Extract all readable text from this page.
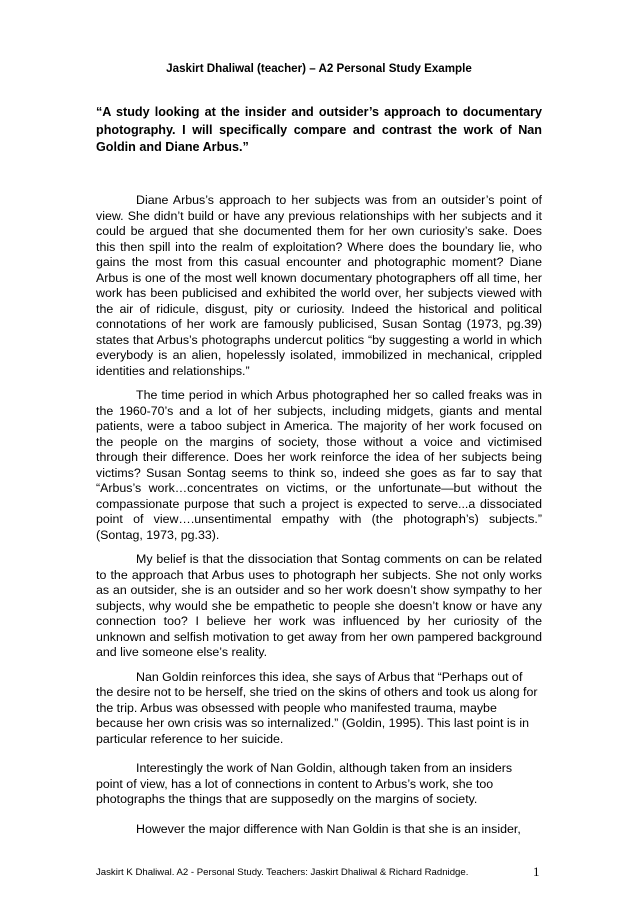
Jaskirt Dhaliwal (teacher) – A2 Personal Study Example
“A study looking at the insider and outsider’s approach to documentary photography. I will specifically compare and contrast the work of Nan Goldin and Diane Arbus.”

Diane Arbus’s approach to her subjects was from an outsider’s point of view. She didn’t build or have any previous relationships with her subjects and it could be argued that she documented them for her own curiosity’s sake. Does this then spill into the realm of exploitation? Where does the boundary lie, who gains the most from this casual encounter and photographic moment? Diane Arbus is one of the most well known documentary photographers off all time, her work has been publicised and exhibited the world over, her subjects viewed with the air of ridicule, disgust, pity or curiosity. Indeed the historical and political connotations of her work are famously publicised, Susan Sontag (1973, pg.39) states that Arbus’s photographs undercut politics “by suggesting a world in which everybody is an alien, hopelessly isolated, immobilized in mechanical, crippled identities and relationships.”

The time period in which Arbus photographed her so called freaks was in the 1960-70’s and a lot of her subjects, including midgets, giants and mental patients, were a taboo subject in America. The majority of her work focused on the people on the margins of society, those without a voice and victimised through their difference. Does her work reinforce the idea of her subjects being victims? Susan Sontag seems to think so, indeed she goes as far to say that “Arbus’s work…concentrates on victims, or the unfortunate—but without the compassionate purpose that such a project is expected to serve...a dissociated point of view….unsentimental empathy with (the photograph’s) subjects.” (Sontag, 1973, pg.33).

My belief is that the dissociation that Sontag comments on can be related to the approach that Arbus uses to photograph her subjects. She not only works as an outsider, she is an outsider and so her work doesn’t show sympathy to her subjects, why would she be empathetic to people she doesn’t know or have any connection too? I believe her work was influenced by her curiosity of the unknown and selfish motivation to get away from her own pampered background and live someone else’s reality.

Nan Goldin reinforces this idea, she says of Arbus that “Perhaps out of the desire not to be herself, she tried on the skins of others and took us along for the trip. Arbus was obsessed with people who manifested trauma, maybe because her own crisis was so internalized.” (Goldin, 1995). This last point is in particular reference to her suicide.

Interestingly the work of Nan Goldin, although taken from an insiders point of view, has a lot of connections in content to Arbus’s work, she too photographs the things that are supposedly on the margins of society.

However the major difference with Nan Goldin is that she is an insider,

Jaskirt K Dhaliwal. A2 - Personal Study. Teachers: Jaskirt Dhaliwal & Richard Radnidge.	1
